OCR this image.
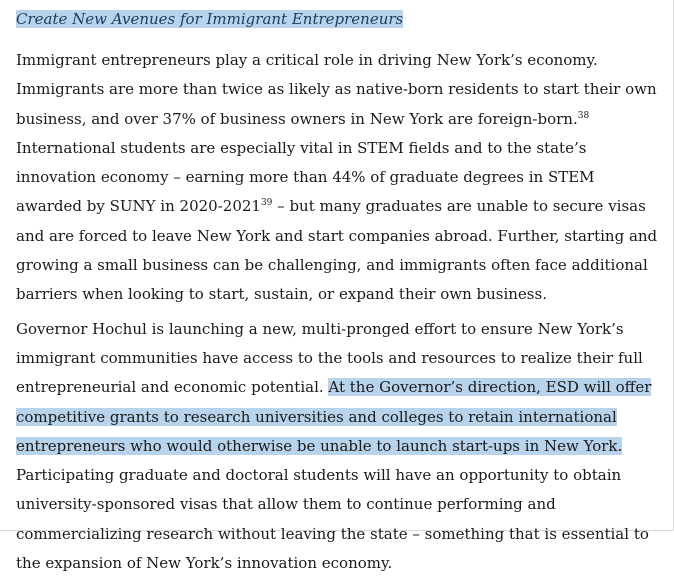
Create New Avenues for Immigrant Entrepreneurs

Immigrant entrepreneurs play a critical role in driving New York’s economy. Immigrants are more than twice as likely as native-born residents to start their own business, and over 37% of business owners in New York are foreign-born.$^{38}$ International students are especially vital in STEM fields and to the state’s innovation economy – earning more than 44% of graduate degrees in STEM awarded by SUNY in 2020-2021$^{39}$ – but many graduates are unable to secure visas and are forced to leave New York and start companies abroad. Further, starting and growing a small business can be challenging, and immigrants often face additional barriers when looking to start, sustain, or expand their own business.

Governor Hochul is launching a new, multi-pronged effort to ensure New York’s immigrant communities have access to the tools and resources to realize their full entrepreneurial and economic potential. At the Governor’s direction, ESD will offer competitive grants to research universities and colleges to retain international entrepreneurs who would otherwise be unable to launch start-ups in New York. Participating graduate and doctoral students will have an opportunity to obtain university-sponsored visas that allow them to continue performing and commercializing research without leaving the state – something that is essential to the expansion of New York’s innovation economy.
